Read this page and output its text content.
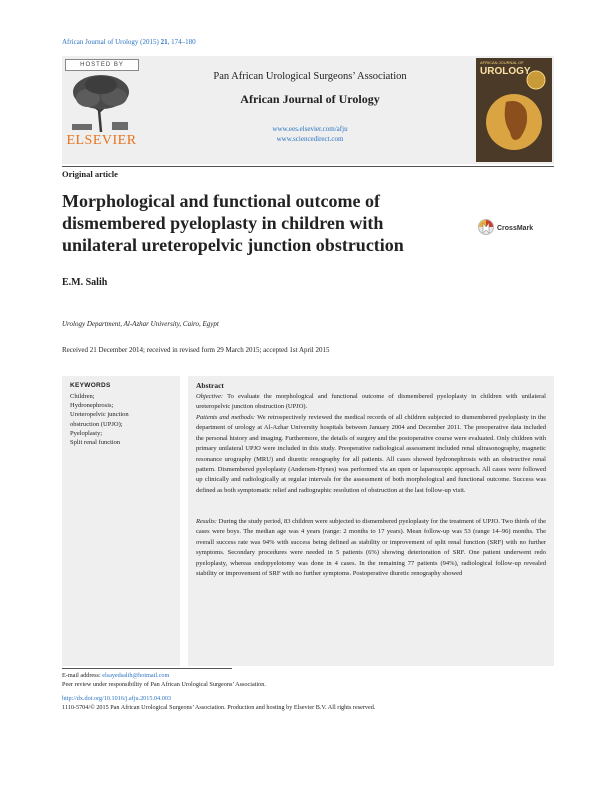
African Journal of Urology (2015) 21, 174–180
HOSTED BY
ELSEVIER
Pan African Urological Surgeons’ Association
African Journal of Urology
www.ees.elsevier.com/afju
www.sciencedirect.com
AFRICAN JOURNAL OF
UROLOGY
Original article
Morphological and functional outcome of
dismembered pyeloplasty in children with
unilateral ureteropelvic junction obstruction
CrossMark
E.M. Salih
Urology Department, Al-Azhar University, Cairo, Egypt
Received 21 December 2014; received in revised form 29 March 2015; accepted 1st April 2015
KEYWORDS
Children;
Hydronephrosis;
Ureteropelvic junction
obstruction (UPJO);
Pyeloplasty;
Split renal function
Abstract
Objective: To evaluate the morphological and functional outcome of dismembered pyeloplasty in children with unilateral ureteropelvic junction obstruction (UPJO).
Patients and methods: We retrospectively reviewed the medical records of all children subjected to dismembered pyeloplasty in the department of urology at Al-Azhar University hospitals between January 2004 and December 2011. The preoperative data included the personal history and imaging. Furthermore, the details of surgery and the postoperative course were evaluated. Only children with primary unilateral UPJO were included in this study. Preoperative radiological assessment included renal ultrasonography, magnetic resonance urography (MRU) and diuretic renography for all patients. All cases showed hydronephrosis with an obstructive renal pattern. Dismembered pyeloplasty (Andersen-Hynes) was performed via an open or laparoscopic approach. All cases were followed up clinically and radiologically at regular intervals for the assessment of both morphological and functional outcome. Success was defined as both symptomatic relief and radiographic resolution of obstruction at the last follow-up visit.
Results: During the study period, 83 children were subjected to dismembered pyeloplasty for the treatment of UPJO. Two thirds of the cases were boys. The median age was 4 years (range: 2 months to 17 years). Mean follow-up was 53 (range 14–96) months. The overall success rate was 94% with success being defined as stability or improvement of split renal function (SRF) with no further symptoms. Secondary procedures were needed in 5 patients (6%) showing deterioration of SRF. One patient underwent redo pyeloplasty, whereas endopyelotomy was done in 4 cases. In the remaining 77 patients (94%), radiological follow-up revealed stability or improvement of SRF with no further symptoms. Postoperative diuretic renography showed
E-mail address: elsayedsalih@hotmail.com
Peer review under responsibility of Pan African Urological Surgeons’ Association.
http://dx.doi.org/10.1016/j.afju.2015.04.003
1110-5704/© 2015 Pan African Urological Surgeons’ Association. Production and hosting by Elsevier B.V. All rights reserved.
